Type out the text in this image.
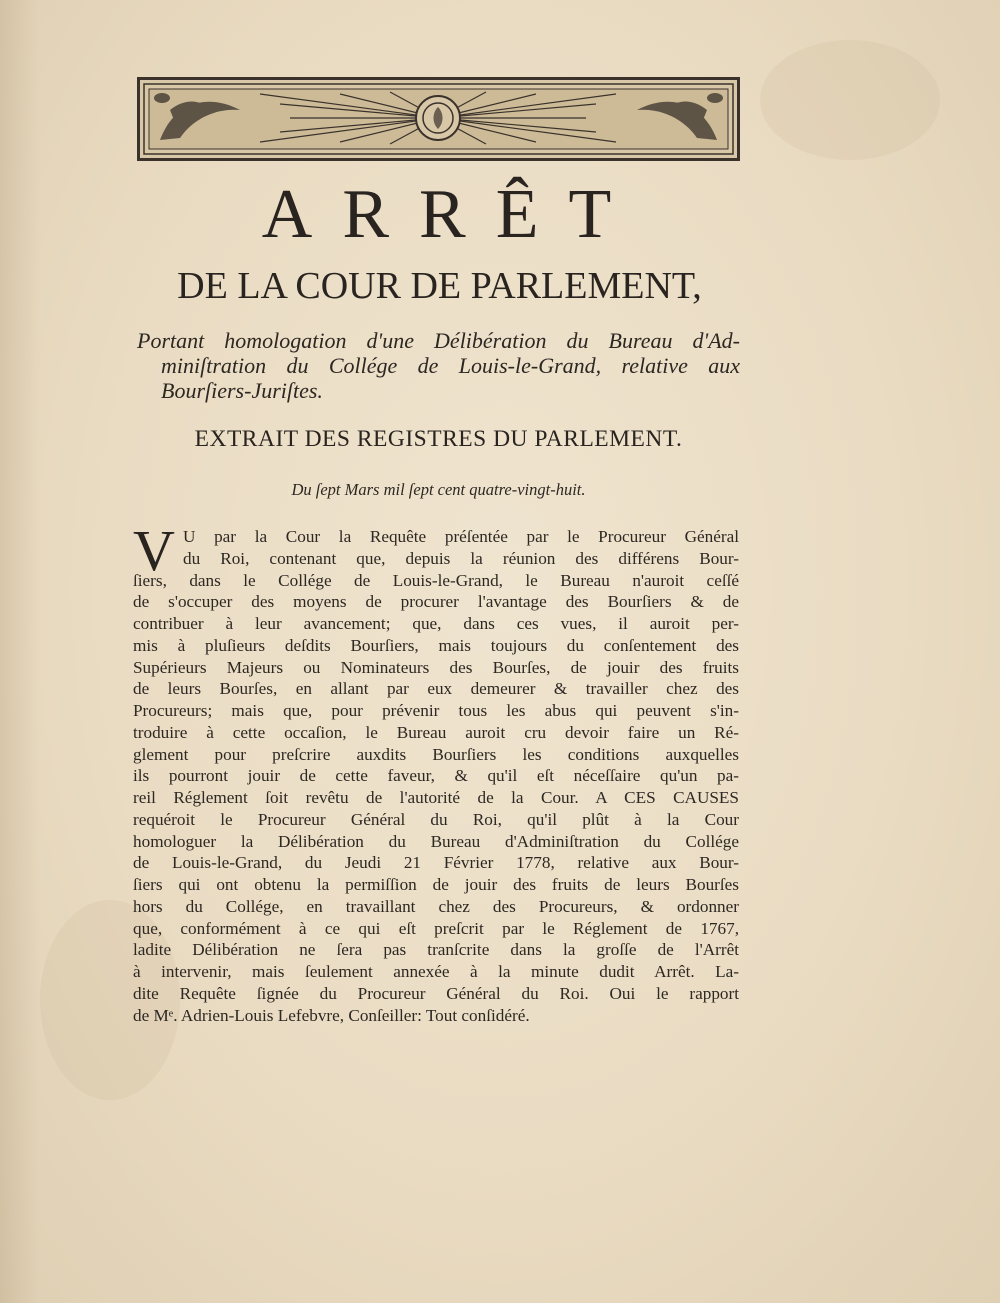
ARRÊT
DE LA COUR DE PARLEMENT,
Portant homologation d'une Délibération du Bureau d'Ad-
miniſtration du Collége de Louis-le-Grand, relative aux
Bourſiers-Juriſtes.
EXTRAIT DES REGISTRES DU PARLEMENT.
Du ſept Mars mil ſept cent quatre-vingt-huit.
V U par la Cour la Requête préſentée par le Procureur Général
du Roi, contenant que, depuis la réunion des différens Bour-
ſiers, dans le Collége de Louis-le-Grand, le Bureau n'auroit ceſſé
de s'occuper des moyens de procurer l'avantage des Bourſiers & de
contribuer à leur avancement; que, dans ces vues, il auroit per-
mis à pluſieurs deſdits Bourſiers, mais toujours du conſentement des
Supérieurs Majeurs ou Nominateurs des Bourſes, de jouir des fruits
de leurs Bourſes, en allant par eux demeurer & travailler chez des
Procureurs; mais que, pour prévenir tous les abus qui peuvent s'in-
troduire à cette occaſion, le Bureau auroit cru devoir faire un Ré-
glement pour preſcrire auxdits Bourſiers les conditions auxquelles
ils pourront jouir de cette faveur, & qu'il eſt néceſſaire qu'un pa-
reil Réglement ſoit revêtu de l'autorité de la Cour. A CES CAUSES
requéroit le Procureur Général du Roi, qu'il plût à la Cour
homologuer la Délibération du Bureau d'Adminiſtration du Collége
de Louis-le-Grand, du Jeudi 21 Février 1778, relative aux Bour-
ſiers qui ont obtenu la permiſſion de jouir des fruits de leurs Bourſes
hors du Collége, en travaillant chez des Procureurs, & ordonner
que, conformément à ce qui eſt preſcrit par le Réglement de 1767,
ladite Délibération ne ſera pas tranſcrite dans la groſſe de l'Arrêt
à intervenir, mais ſeulement annexée à la minute dudit Arrêt. La-
dite Requête ſignée du Procureur Général du Roi. Oui le rapport
de Mᵉ. Adrien-Louis Lefebvre, Conſeiller: Tout conſidéré.
